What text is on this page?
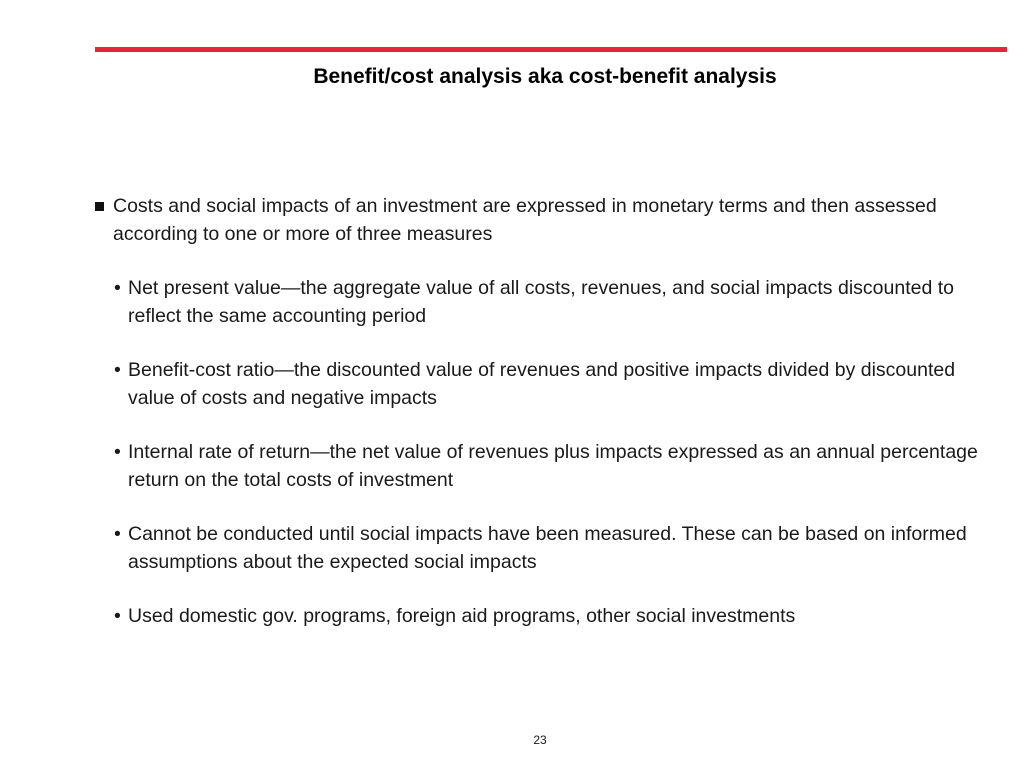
Benefit/cost analysis aka cost-benefit analysis

Costs and social impacts of an investment are expressed in monetary terms and then assessed according to one or more of three measures

• Net present value—the aggregate value of all costs, revenues, and social impacts discounted to reflect the same accounting period
• Benefit-cost ratio—the discounted value of revenues and positive impacts divided by discounted value of costs and negative impacts
• Internal rate of return—the net value of revenues plus impacts expressed as an annual percentage return on the total costs of investment
• Cannot be conducted until social impacts have been measured. These can be based on informed assumptions about the expected social impacts
• Used domestic gov. programs, foreign aid programs, other social investments
23
